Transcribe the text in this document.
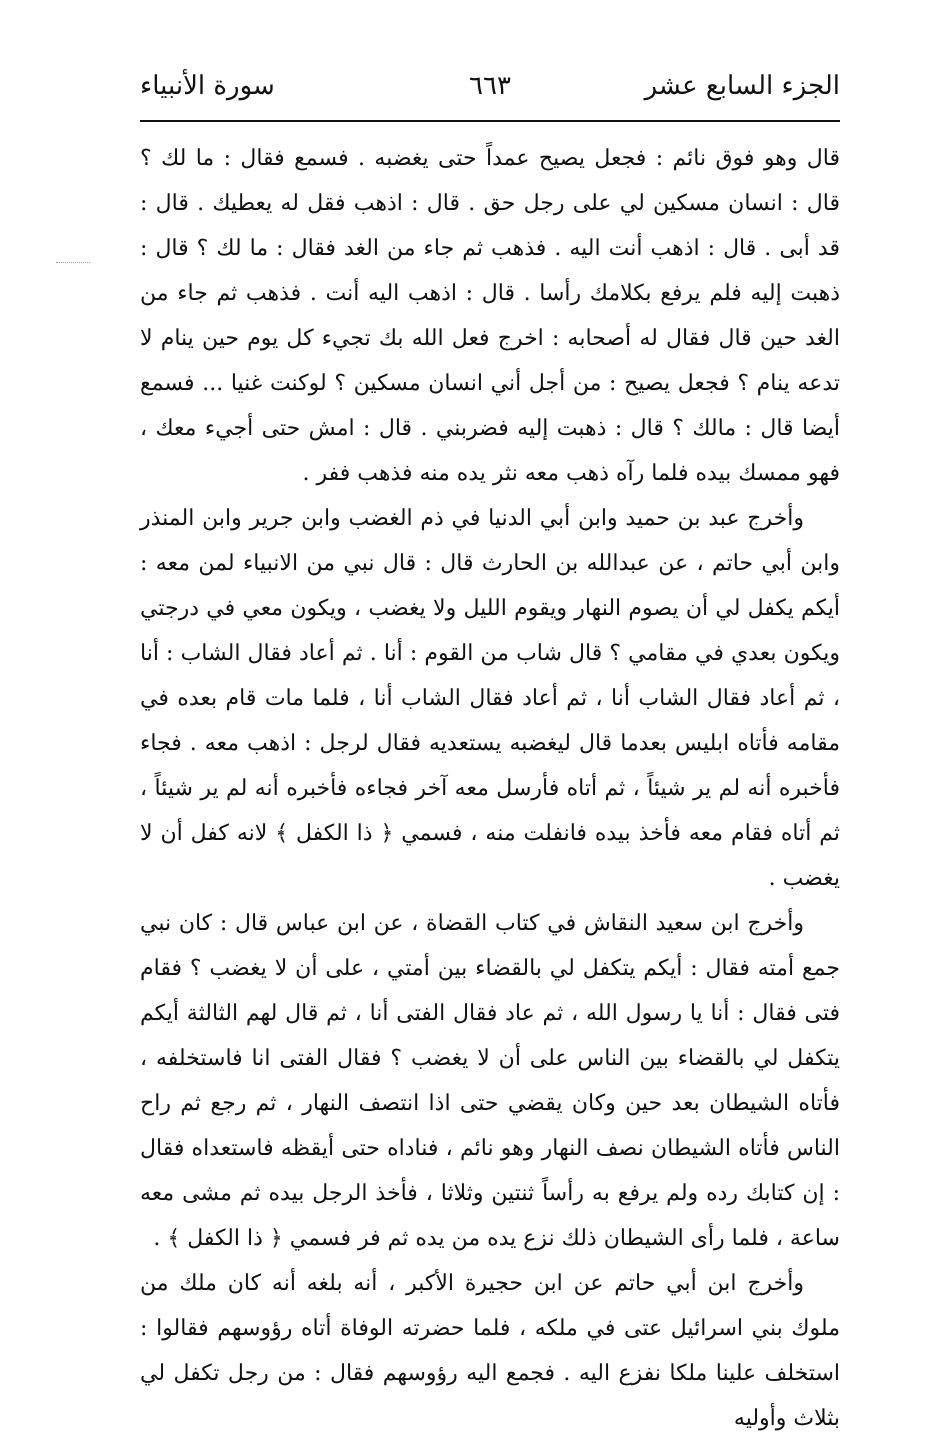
الجزء السابع عشر
٦٦٣
سورة الأنبياء

قال وهو فوق نائم : فجعل يصيح عمداً حتى يغضبه . فسمع فقال : ما لك ؟ قال : انسان مسكين لي على رجل حق . قال : اذهب فقل له يعطيك . قال : قد أبى . قال : اذهب أنت اليه . فذهب ثم جاء من الغد فقال : ما لك ؟ قال : ذهبت إليه فلم يرفع بكلامك رأسا . قال : اذهب اليه أنت . فذهب ثم جاء من الغد حين قال فقال له أصحابه : اخرج فعل الله بك تجيء كل يوم حين ينام لا تدعه ينام ؟ فجعل يصيح : من أجل أني انسان مسكين ؟ لوكنت غنيا ... فسمع أيضا قال : مالك ؟ قال : ذهبت إليه فضربني . قال : امش حتى أجيء معك ، فهو ممسك بيده فلما رآه ذهب معه نثر يده منه فذهب ففر .

وأخرج عبد بن حميد وابن أبي الدنيا في ذم الغضب وابن جرير وابن المنذر وابن أبي حاتم ، عن عبدالله بن الحارث قال : قال نبي من الانبياء لمن معه : أيكم يكفل لي أن يصوم النهار ويقوم الليل ولا يغضب ، ويكون معي في درجتي ويكون بعدي في مقامي ؟ قال شاب من القوم : أنا . ثم أعاد فقال الشاب : أنا ، ثم أعاد فقال الشاب أنا ، ثم أعاد فقال الشاب أنا ، فلما مات قام بعده في مقامه فأتاه ابليس بعدما قال ليغضبه يستعديه فقال لرجل : اذهب معه . فجاء فأخبره أنه لم ير شيئاً ، ثم أتاه فأرسل معه آخر فجاءه فأخبره أنه لم ير شيئاً ، ثم أتاه فقام معه فأخذ بيده فانفلت منه ، فسمي ﴿ ذا الكفل ﴾ لانه كفل أن لا يغضب .

وأخرج ابن سعيد النقاش في كتاب القضاة ، عن ابن عباس قال : كان نبي جمع أمته فقال : أيكم يتكفل لي بالقضاء بين أمتي ، على أن لا يغضب ؟ فقام فتى فقال : أنا يا رسول الله ، ثم عاد فقال الفتى أنا ، ثم قال لهم الثالثة أيكم يتكفل لي بالقضاء بين الناس على أن لا يغضب ؟ فقال الفتى انا فاستخلفه ، فأتاه الشيطان بعد حين وكان يقضي حتى اذا انتصف النهار ، ثم رجع ثم راح الناس فأتاه الشيطان نصف النهار وهو نائم ، فناداه حتى أيقظه فاستعداه فقال : إن كتابك رده ولم يرفع به رأساً ثنتين وثلاثا ، فأخذ الرجل بيده ثم مشى معه ساعة ، فلما رأى الشيطان ذلك نزع يده من يده ثم فر فسمي ﴿ ذا الكفل ﴾ .

وأخرج ابن أبي حاتم عن ابن حجيرة الأكبر ، أنه بلغه أنه كان ملك من ملوك بني اسرائيل عتى في ملكه ، فلما حضرته الوفاة أتاه رؤوسهم فقالوا : استخلف علينا ملكا نفزع اليه . فجمع اليه رؤوسهم فقال : من رجل تكفل لي بثلاث وأوليه
